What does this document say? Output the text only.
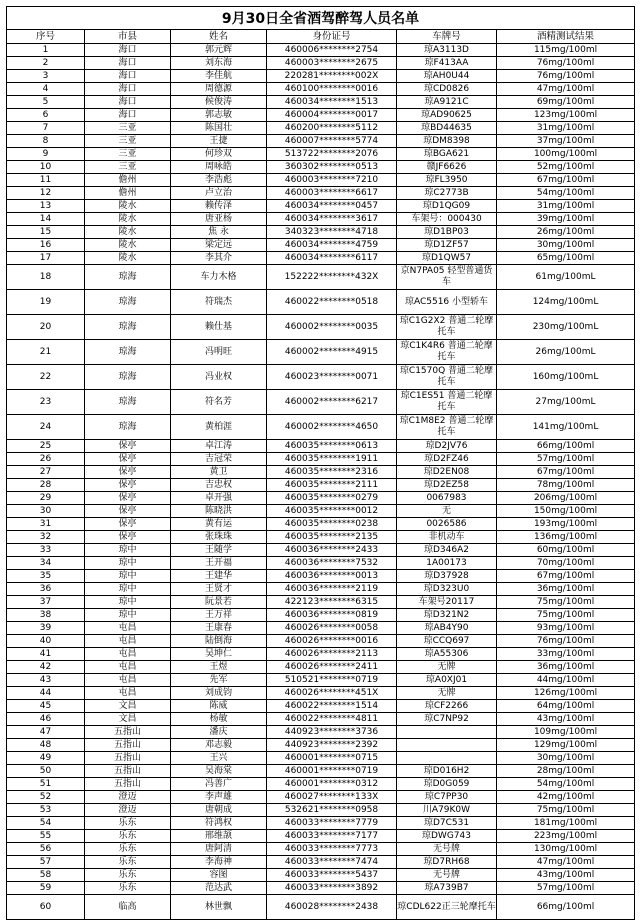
9月30日全省酒驾醉驾人员名单					
序号	市县	姓名	身份证号	车牌号	酒精测试结果
1	海口	郭元辉	460006********2754	琼A3113D	115mg/100ml
2	海口	刘东海	460003********2675	琼F413AA	76mg/100ml
3	海口	李佳航	220281********002X	琼AH0U44	76mg/100ml
4	海口	周德源	460100********0016	琼CD0826	47mg/100ml
5	海口	候俊涛	460034********1513	琼A9121C	69mg/100ml
6	海口	郭志敏	460004********0017	琼AD90625	123mg/100ml
7	三亚	陈国壮	460200********5112	琼BD44635	31mg/100ml
8	三亚	王捷	460007********5774	琼DM8398	37mg/100ml
9	三亚	何珍双	513722********2076	琼BGA621	100mg/100ml
10	三亚	周咏皓	360302********0513	赣JF6626	52mg/100ml
11	儋州	李浩彪	460003********7210	琼FL3950	67mg/100ml
12	儋州	卢立治	460003********6617	琼C2773B	54mg/100ml
13	陵水	赖传泽	460034********0457	琼D1QG09	31mg/100ml
14	陵水	唐亚杨	460034********3617	车架号：000430	39mg/100ml
15	陵水	焦 永	340323********4718	琼D1BP03	26mg/100ml
16	陵水	梁定远	460034********4759	琼D1ZF57	30mg/100ml
17	陵水	李其介	460034********6117	琼D1QW57	65mg/100ml
18	琼海	车力木格	152222********432X	京N7PA05 轻型普通货车	61mg/100mL
19	琼海	符瑞杰	460022********0518	琼AC5516 小型轿车	124mg/100mL
20	琼海	赖仕基	460002********0035	琼C1G2X2 普通二轮摩托车	230mg/100mL
21	琼海	冯明旺	460002********4915	琼C1K4R6 普通二轮摩托车	26mg/100mL
22	琼海	冯业权	460023********0071	琼C1570Q 普通二轮摩托车	160mg/100mL
23	琼海	符名芳	460002********6217	琼C1ES51 普通二轮摩托车	27mg/100mL
24	琼海	黄柏涯	460002********4650	琼C1M8E2 普通二轮摩托车	141mg/100mL
25	保亭	卓江涛	460035********0613	琼D2JV76	66mg/100ml
26	保亭	吉冠荣	460035********1911	琼D2FZ46	57mg/100ml
27	保亭	黄卫	460035********2316	琼D2EN08	67mg/100ml
28	保亭	吉忠权	460035********2111	琼D2EZ58	78mg/100ml
29	保亭	卓开强	460035********0279	0067983	206mg/100ml
30	保亭	陈晓洪	460035********0012	无	150mg/100ml
31	保亭	黄有运	460035********0238	0026586	193mg/100ml
32	保亭	张珠珠	460035********2135	非机动车	136mg/100ml
33	琼中	王随学	460036********2433	琼D346A2	60mg/100ml
34	琼中	王开福	460036********7532	1A00173	70mg/100ml
35	琼中	王建华	460036********0013	琼D37928	67mg/100ml
36	琼中	王贤才	460036********2119	琼D323U0	36mg/100ml
37	琼中	阮景若	422123********6315	车架号20117	75mg/100ml
38	琼中	王万祥	460036********0819	琼D321N2	75mg/100ml
39	屯昌	王康春	460026********0058	琼AB4Y90	93mg/100ml
40	屯昌	陆倒海	460026********0016	琼CCQ697	76mg/100ml
41	屯昌	吴坤仁	460026********2113	琼A55306	33mg/100ml
42	屯昌	王煜	460026********2411	无牌	36mg/100ml
43	屯昌	先军	510521********0719	琼A0XJ01	44mg/100ml
44	屯昌	刘成钧	460026********451X	无牌	126mg/100ml
45	文昌	陈威	460022********1514	琼CF2266	64mg/100ml
46	文昌	杨敏	460022********4811	琼C7NP92	43mg/100ml
47	五指山	潘庆	440923********3736		109mg/100ml
48	五指山	邓志毅	440923********2392		129mg/100ml
49	五指山	王兴	460001********0715		30mg/100ml
50	五指山	吴海棠	460001********0719	琼D016H2	28mg/100ml
51	五指山	冯善广	460001********0312	琼D0G059	54mg/100ml
52	澄迈	李声雄	460027********133X	琼C7PP30	42mg/100ml
53	澄迈	唐朝成	532621********0958	川A79K0W	75mg/100ml
54	乐东	符鸿权	460033********7779	琼D7C531	181mg/100ml
55	乐东	邢维颉	460033********7177	琼DWG743	223mg/100ml
56	乐东	唐阿清	460033********7773	无号牌	130mg/100ml
57	乐东	李海神	460033********7474	琼D7RH68	47mg/100ml
58	乐东	容图	460033********5437	无号牌	43mg/100ml
59	乐东	范达武	460033********3892	琼A739B7	57mg/100ml
60	临高	林世飘	460028********2438	琼CDL622正三轮摩托车	66mg/100ml
